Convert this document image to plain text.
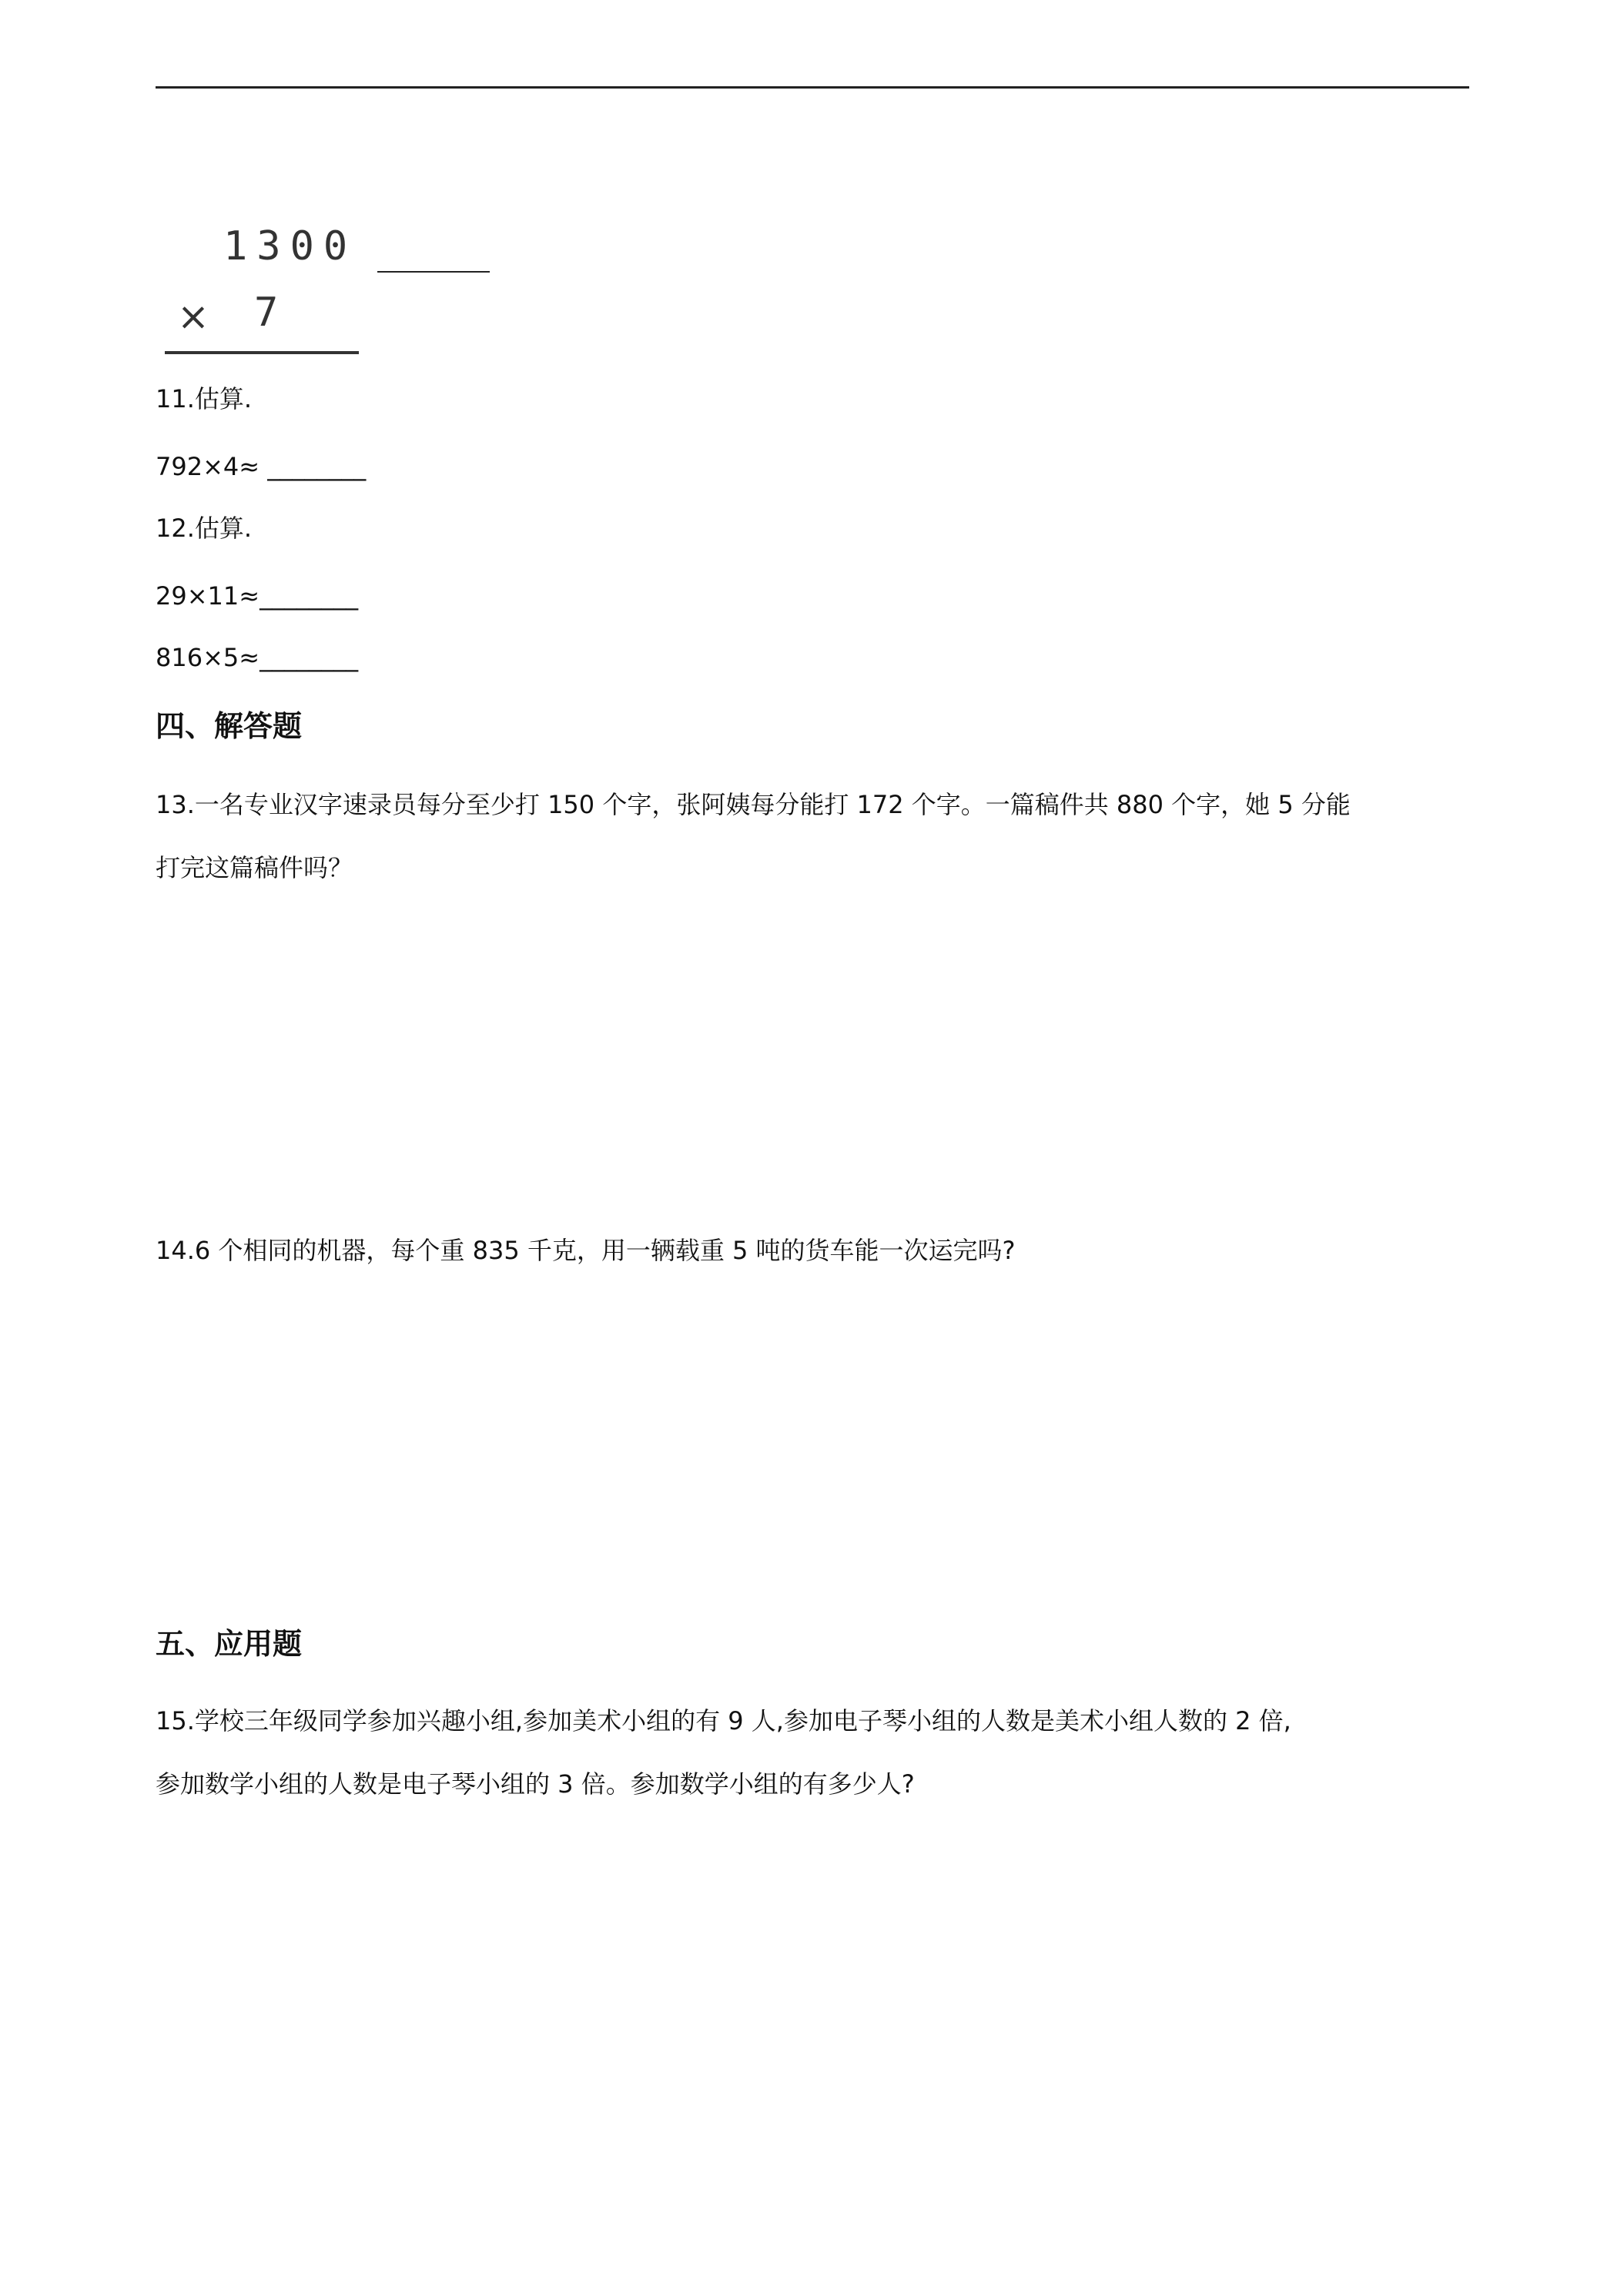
1300
× 7
11.估算.
792×4≈ ________
12.估算.
29×11≈________
816×5≈________
四、解答题
13.一名专业汉字速录员每分至少打 150 个字，张阿姨每分能打 172 个字。一篇稿件共 880 个字，她 5 分能
打完这篇稿件吗？
14.6 个相同的机器，每个重 835 千克，用一辆载重 5 吨的货车能一次运完吗?
五、应用题
15.学校三年级同学参加兴趣小组,参加美术小组的有 9 人,参加电子琴小组的人数是美术小组人数的 2 倍,
参加数学小组的人数是电子琴小组的 3 倍。参加数学小组的有多少人?
